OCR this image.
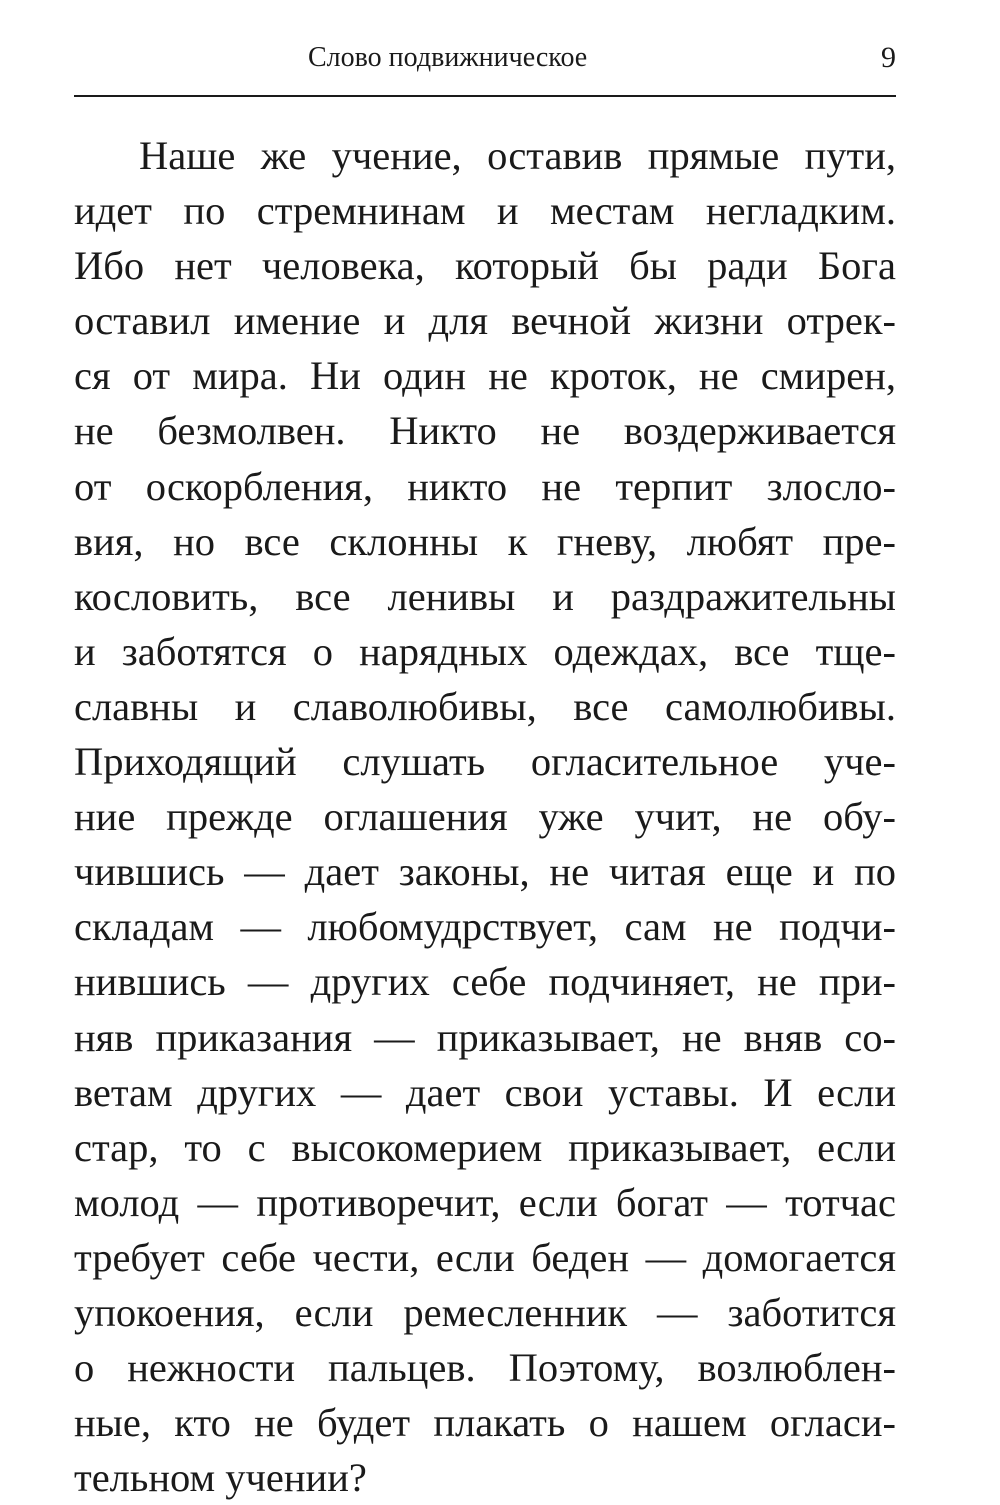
Слово подвижническое	9
Наше же учение, оставив прямые пути,
идет по стремнинам и местам негладким.
Ибо нет человека, который бы ради Бога
оставил имение и для вечной жизни отрек-
ся от мира. Ни один не кроток, не смирен,
не безмолвен. Никто не воздерживается
от оскорбления, никто не терпит злосло-
вия, но все склонны к гневу, любят пре-
кословить, все ленивы и раздражительны
и заботятся о нарядных одеждах, все тще-
славны и славолюбивы, все самолюбивы.
Приходящий слушать огласительное уче-
ние прежде оглашения уже учит, не обу-
чившись — дает законы, не читая еще и по
складам — любомудрствует, сам не подчи-
нившись — других себе подчиняет, не при-
няв приказания — приказывает, не вняв со-
ветам других — дает свои уставы. И если
стар, то с высокомерием приказывает, если
молод — противоречит, если богат — тотчас
требует себе чести, если беден — домогается
упокоения, если ремесленник — заботится
о нежности пальцев. Поэтому, возлюблен-
ные, кто не будет плакать о нашем огласи-
тельном учении?
